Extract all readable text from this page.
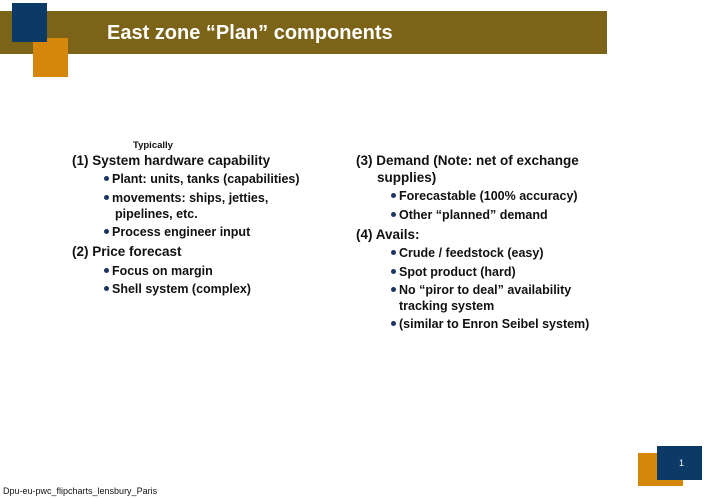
East zone “Plan” components
Typically
(1) System hardware capability
Plant: units, tanks (capabilities)
movements: ships, jetties,
pipelines, etc.
Process engineer input
(2) Price forecast
Focus on margin
Shell system (complex)
(3) Demand (Note: net of exchange
supplies)
Forecastable (100% accuracy)
Other “planned” demand
(4) Avails:
Crude / feedstock (easy)
Spot product (hard)
No “piror to deal” availability
tracking system
(similar to Enron Seibel system)
1
Dpu-eu-pwc_flipcharts_lensbury_Paris
